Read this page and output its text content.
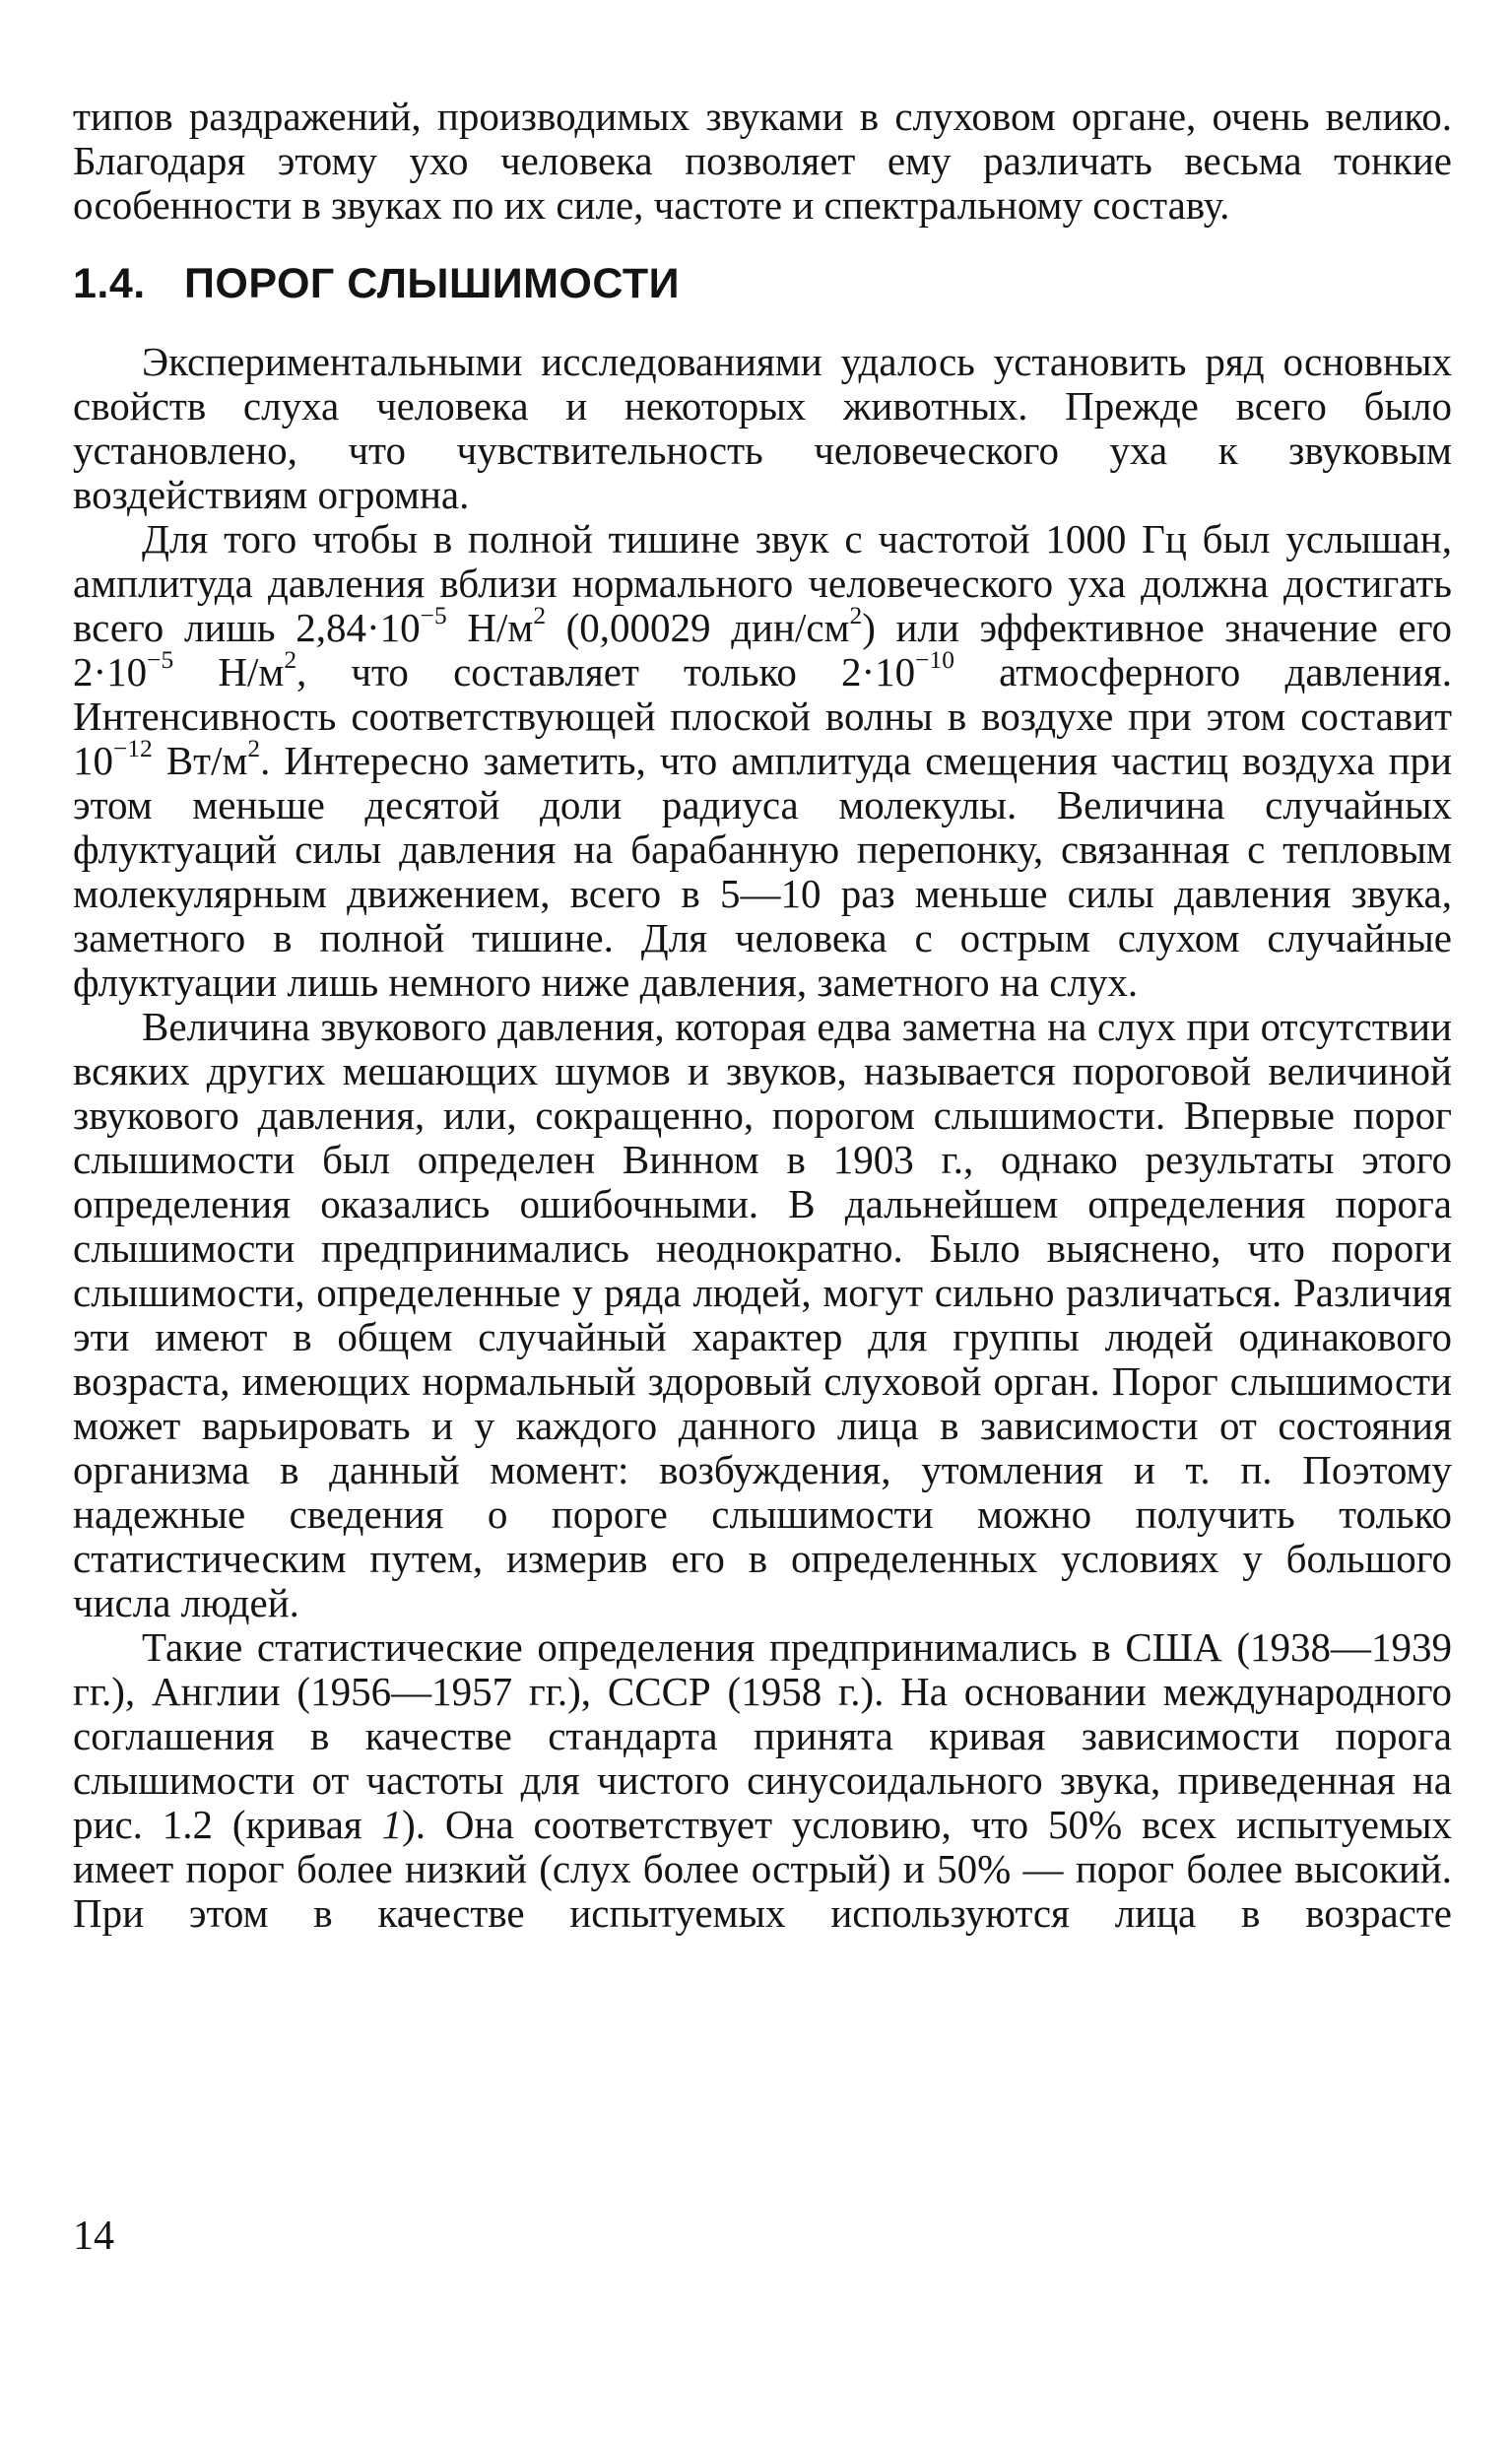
типов раздражений, производимых звуками в слуховом органе, очень велико. Благодаря этому ухо человека позволяет ему различать весьма тонкие особенности в звуках по их силе, частоте и спектральному составу.

1.4. ПОРОГ СЛЫШИМОСТИ

Экспериментальными исследованиями удалось установить ряд основных свойств слуха человека и некоторых животных. Прежде всего было установлено, что чувствительность человеческого уха к звуковым воздействиям огромна.

Для того чтобы в полной тишине звук с частотой 1000 Гц был услышан, амплитуда давления вблизи нормального человеческого уха должна достигать всего лишь $2,84\cdot 10^{-5}$ $Н/м^2$ (0,00029 дин/$см^2$) или эффективное значение его $2\cdot 10^{-5}$ $Н/м^2$, что составляет только $2\cdot 10^{-10}$ атмосферного давления. Интенсивность соответствующей плоской волны в воздухе при этом составит $10^{-12}$ $Вт/м^2$. Интересно заметить, что амплитуда смещения частиц воздуха при этом меньше десятой доли радиуса молекулы. Величина случайных флуктуаций силы давления на барабанную перепонку, связанная с тепловым молекулярным движением, всего в 5—10 раз меньше силы давления звука, заметного в полной тишине. Для человека с острым слухом случайные флуктуации лишь немного ниже давления, заметного на слух.

Величина звукового давления, которая едва заметна на слух при отсутствии всяких других мешающих шумов и звуков, называется пороговой величиной звукового давления, или, сокращенно, порогом слышимости. Впервые порог слышимости был определен Винном в 1903 г., однако результаты этого определения оказались ошибочными. В дальнейшем определения порога слышимости предпринимались неоднократно. Было выяснено, что пороги слышимости, определенные у ряда людей, могут сильно различаться. Различия эти имеют в общем случайный характер для группы людей одинакового возраста, имеющих нормальный здоровый слуховой орган. Порог слышимости может варьировать и у каждого данного лица в зависимости от состояния организма в данный момент: возбуждения, утомления и т. п. Поэтому надежные сведения о пороге слышимости можно получить только статистическим путем, измерив его в определенных условиях у большого числа людей.

Такие статистические определения предпринимались в США (1938—1939 гг.), Англии (1956—1957 гг.), СССР (1958 г.). На основании международного соглашения в качестве стандарта принята кривая зависимости порога слышимости от частоты для чистого синусоидального звука, приведенная на рис. 1.2 (кривая 1). Она соответствует условию, что 50% всех испытуемых имеет порог более низкий (слух более острый) и 50% — порог более высокий. При этом в качестве испытуемых используются лица в возрасте

14
